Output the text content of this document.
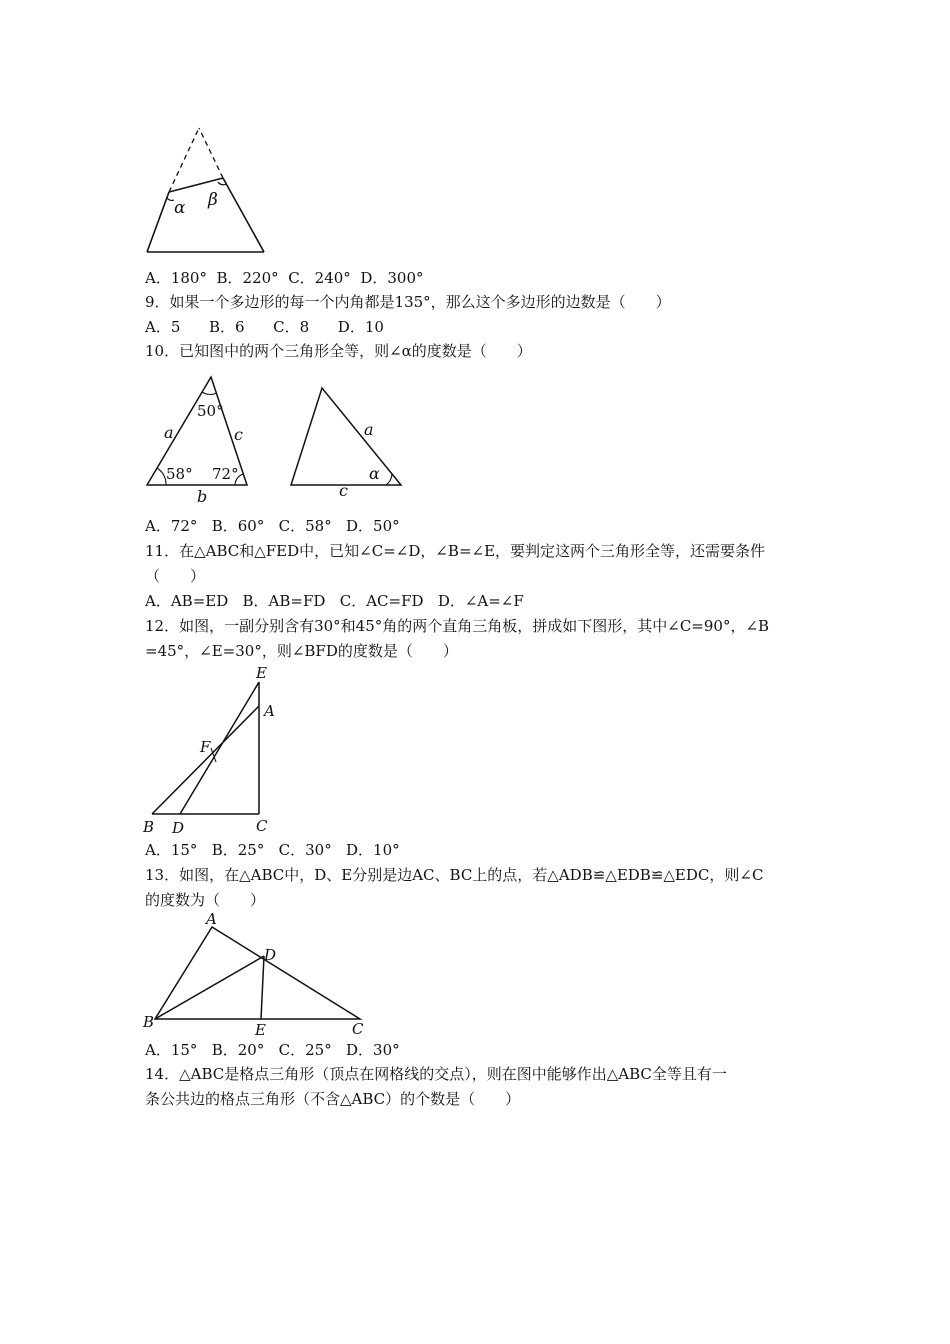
α β
A．180°  B．220°  C．240°  D．300°
9．如果一个多边形的每一个内角都是135°，那么这个多边形的边数是（　　）
A．5      B．6      C．8      D．10
10．已知图中的两个三角形全等，则∠α的度数是（　　）
50°
58° 72°
a	c
b
a
α
c
A．72°   B．60°   C．58°   D．50°
11．在△ABC和△FED中，已知∠C=∠D，∠B=∠E，要判定这两个三角形全等，还需要条件
（　　）
A．AB=ED   B．AB=FD   C．AC=FD   D．∠A=∠F
12．如图，一副分别含有30°和45°角的两个直角三角板，拼成如下图形，其中∠C=90°，∠B
=45°，∠E=30°，则∠BFD的度数是（　　）
E
A
F
B D	C
A．15°   B．25°   C．30°   D．10°
13．如图，在△ABC中，D、E分别是边AC、BC上的点，若△ADB≌△EDB≌△EDC，则∠C
的度数为（　　）
A
D
B	E	C
A．15°   B．20°   C．25°   D．30°
14．△ABC是格点三角形（顶点在网格线的交点），则在图中能够作出△ABC全等且有一
条公共边的格点三角形（不含△ABC）的个数是（　　）
